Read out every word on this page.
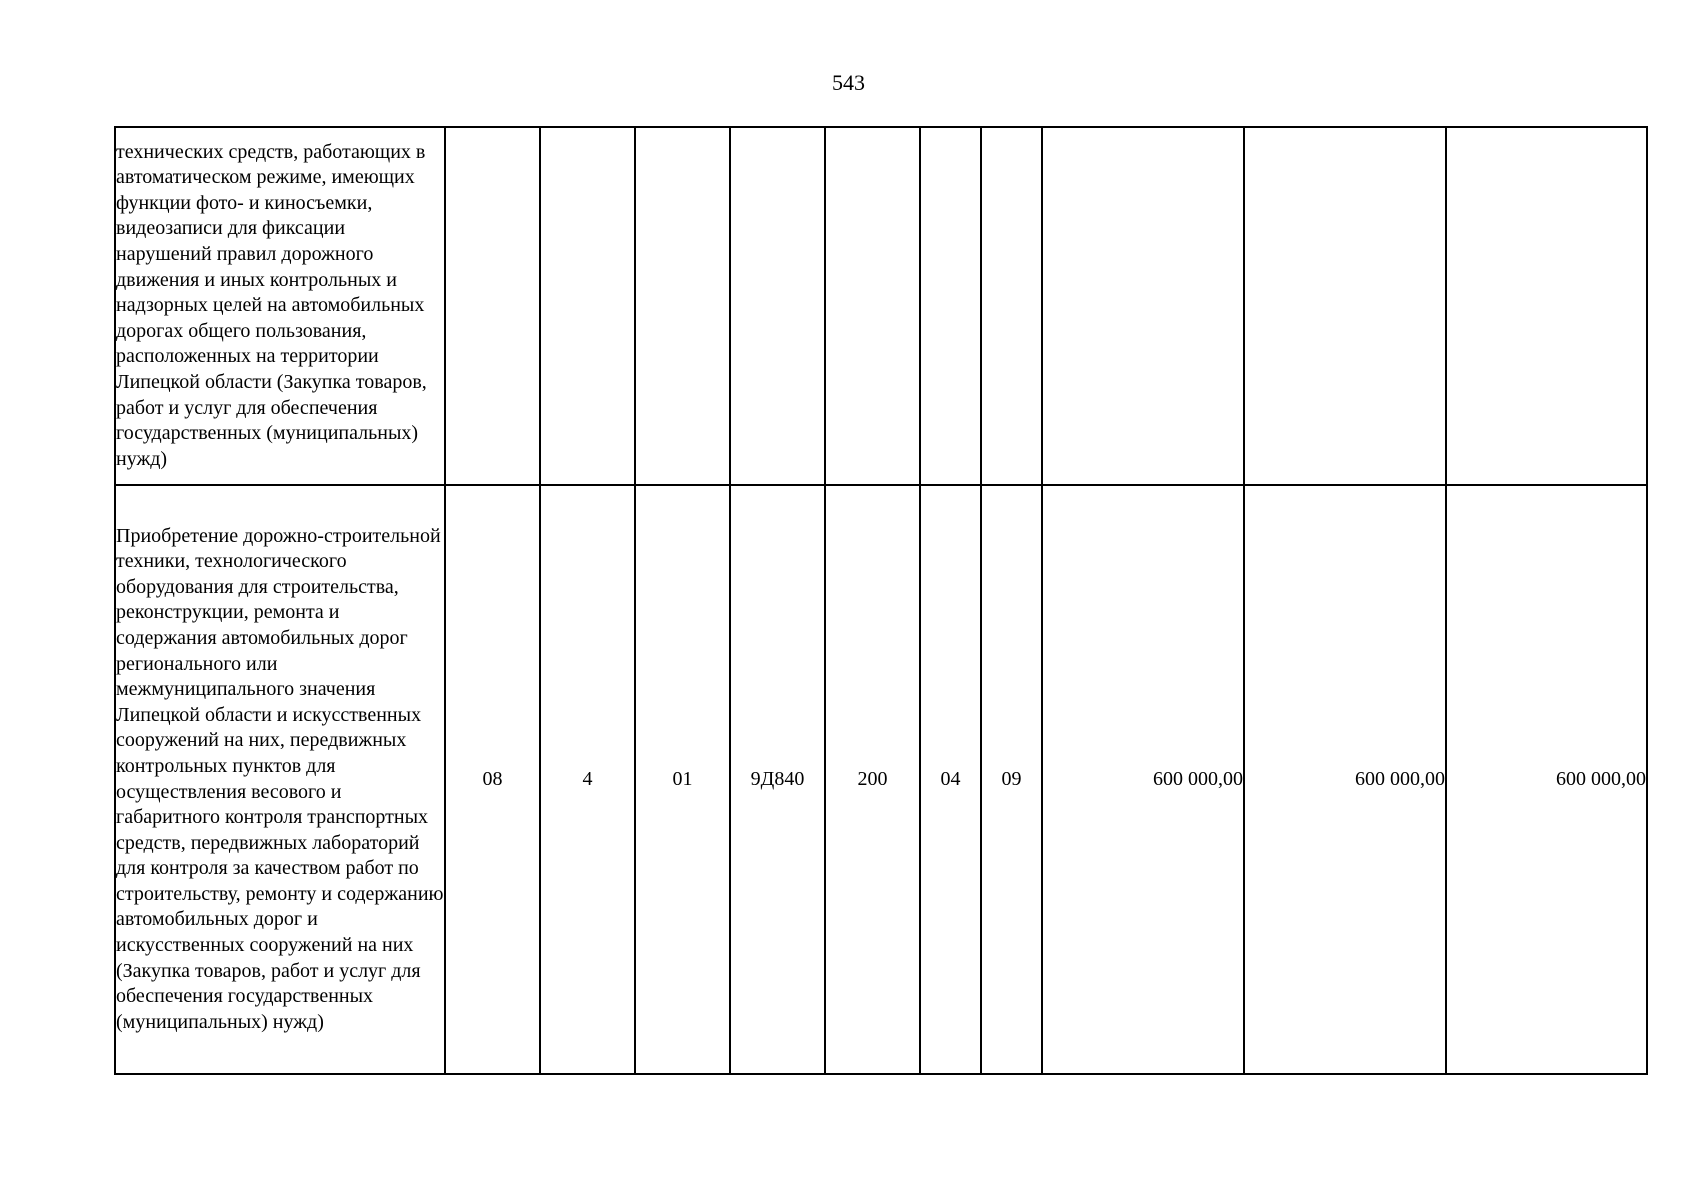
543
технических средств, работающих в автоматическом режиме, имеющих функции фото- и киносъемки, видеозаписи для фиксации нарушений правил дорожного движения и иных контрольных и надзорных целей на автомобильных дорогах общего пользования, расположенных на территории Липецкой области (Закупка товаров, работ и услуг для обеспечения государственных (муниципальных) нужд)										
Приобретение дорожно-строительной техники, технологического оборудования для строительства, реконструкции, ремонта и содержания автомобильных дорог регионального или межмуниципального значения Липецкой области и искусственных сооружений на них, передвижных контрольных пунктов для осуществления весового и габаритного контроля транспортных средств, передвижных лабораторий для контроля за качеством работ по строительству, ремонту и содержанию автомобильных дорог и искусственных сооружений на них (Закупка товаров, работ и услуг для обеспечения государственных (муниципальных) нужд)	08	4	01	9Д840	200	04	09	600 000,00	600 000,00	600 000,00
